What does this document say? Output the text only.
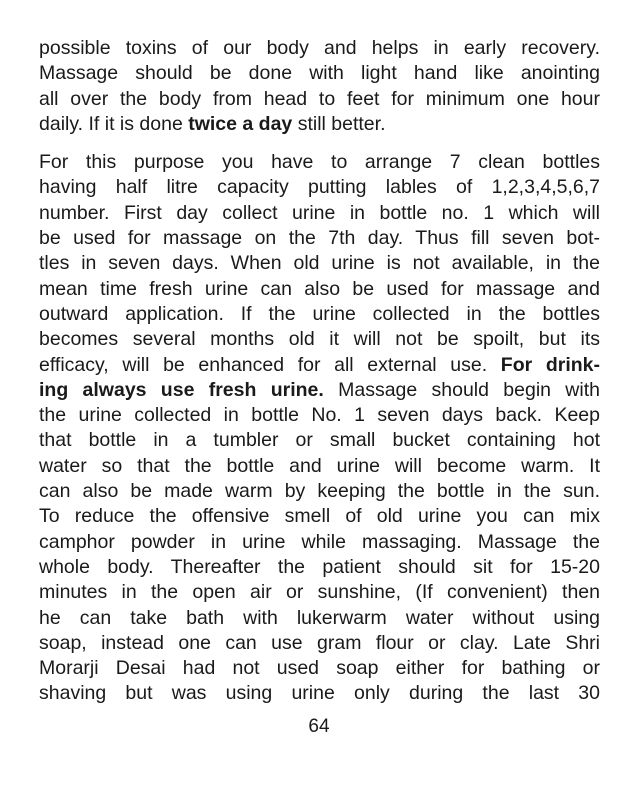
possible toxins of our body and helps in early recovery.
Massage should be done with light hand like anointing
all over the body from head to feet for minimum one hour
daily. If it is done twice a day still better.
For this purpose you have to arrange 7 clean bottles
having half litre capacity putting lables of 1,2,3,4,5,6,7
number. First day collect urine in bottle no. 1 which will
be used for massage on the 7th day. Thus fill seven bot-
tles in seven days. When old urine is not available, in the
mean time fresh urine can also be used for massage and
outward application. If the urine collected in the bottles
becomes several months old it will not be spoilt, but its
efficacy, will be enhanced for all external use. For drink-
ing always use fresh urine. Massage should begin with
the urine collected in bottle No. 1 seven days back. Keep
that bottle in a tumbler or small bucket containing hot
water so that the bottle and urine will become warm. It
can also be made warm by keeping the bottle in the sun.
To reduce the offensive smell of old urine you can mix
camphor powder in urine while massaging. Massage the
whole body. Thereafter the patient should sit for 15-20
minutes in the open air or sunshine, (If convenient) then
he can take bath with lukerwarm water without using
soap, instead one can use gram flour or clay. Late Shri
Morarji Desai had not used soap either for bathing or
shaving but was using urine only during the last 30
64
